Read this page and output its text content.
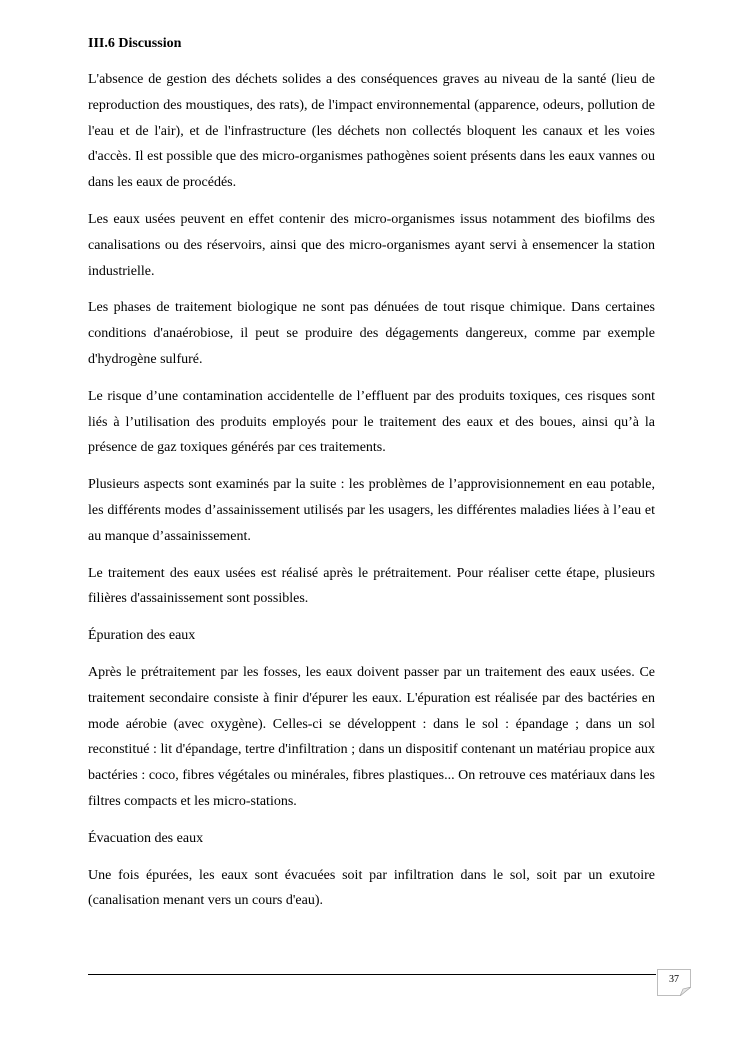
III.6 Discussion

L'absence de gestion des déchets solides a des conséquences graves au niveau de la santé (lieu de reproduction des moustiques, des rats), de l'impact environnemental (apparence, odeurs, pollution de l'eau et de l'air), et de l'infrastructure (les déchets non collectés bloquent les canaux et les voies d'accès. Il est possible que des micro-organismes pathogènes soient présents dans les eaux vannes ou dans les eaux de procédés.

Les eaux usées peuvent en effet contenir des micro-organismes issus notamment des biofilms des canalisations ou des réservoirs, ainsi que des micro-organismes ayant servi à ensemencer la station industrielle.

Les phases de traitement biologique ne sont pas dénuées de tout risque chimique. Dans certaines conditions d'anaérobiose, il peut se produire des dégagements dangereux, comme par exemple d'hydrogène sulfuré.

Le risque d’une contamination accidentelle de l’effluent par des produits toxiques, ces risques sont liés à l’utilisation des produits employés pour le traitement des eaux et des boues, ainsi qu’à la présence de gaz toxiques générés par ces traitements.

Plusieurs aspects sont examinés par la suite : les problèmes de l’approvisionnement en eau potable, les différents modes d’assainissement utilisés par les usagers, les différentes maladies liées à l’eau et au manque d’assainissement.

Le traitement des eaux usées est réalisé après le prétraitement. Pour réaliser cette étape, plusieurs filières d'assainissement sont possibles.

Épuration des eaux

Après le prétraitement par les fosses, les eaux doivent passer par un traitement des eaux usées. Ce traitement secondaire consiste à finir d'épurer les eaux. L'épuration est réalisée par des bactéries en mode aérobie (avec oxygène). Celles-ci se développent : dans le sol : épandage ; dans un sol reconstitué : lit d'épandage, tertre d'infiltration ; dans un dispositif contenant un matériau propice aux bactéries : coco, fibres végétales ou minérales, fibres plastiques... On retrouve ces matériaux dans les filtres compacts et les micro-stations.

Évacuation des eaux

Une fois épurées, les eaux sont évacuées soit par infiltration dans le sol, soit par un exutoire (canalisation menant vers un cours d'eau).

37
